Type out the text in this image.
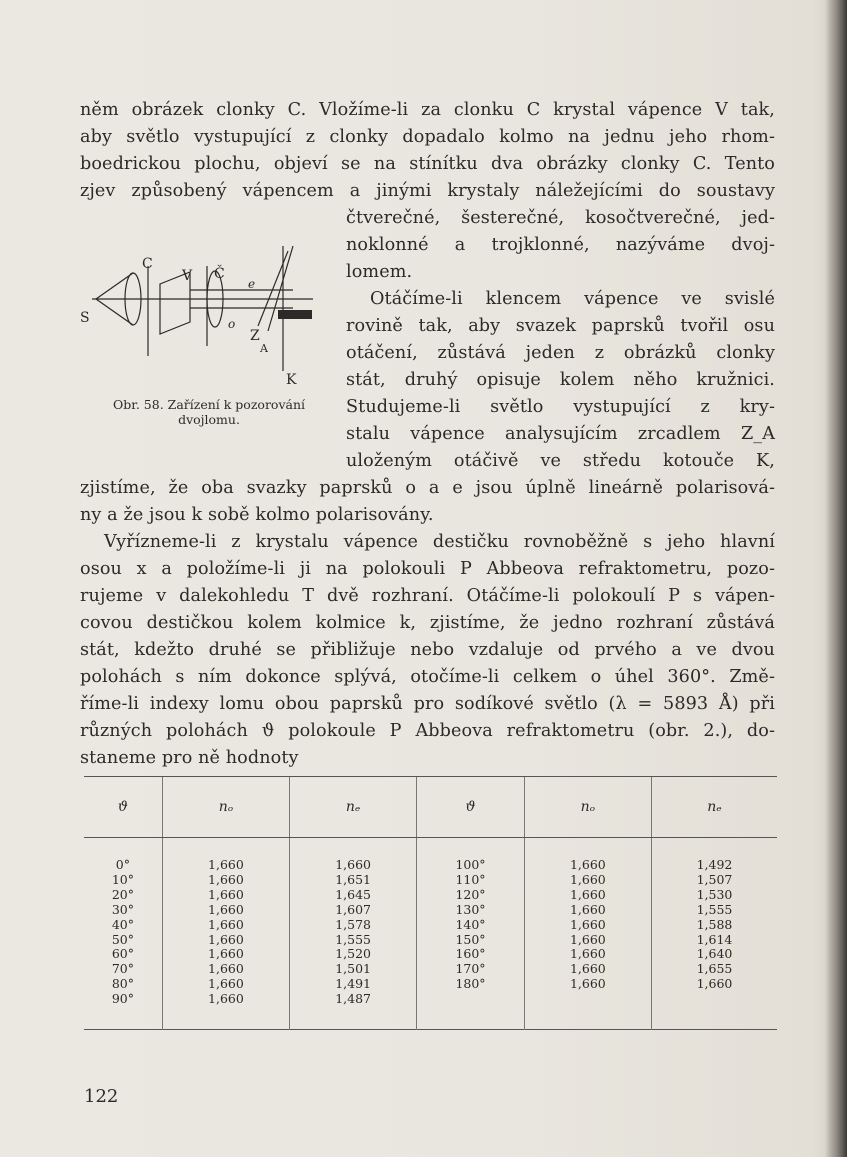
něm obrázek clonky C. Vložíme-li za clonku C krystal vápence V tak,
aby světlo vystupující z clonky dopadalo kolmo na jednu jeho rhom-
boedrickou plochu, objeví se na stínítku dva obrázky clonky C. Tento
zjev způsobený vápencem a jinými krystaly náležejícími do soustavy
čtverečné, šesterečné, kosočtverečné, jed-
noklonné a trojklonné, nazýváme dvoj-
lomem.
Otáčíme-li klencem vápence ve svislé
rovině tak, aby svazek paprsků tvořil osu
otáčení, zůstává jeden z obrázků clonky
stát, druhý opisuje kolem něho kružnici.
Studujeme-li světlo vystupující z kry-
stalu vápence analysujícím zrcadlem Z_A
uloženým otáčivě ve středu kotouče K,
S
C
V Č
e
o
Z
A
K
Obr. 58. Zařízení k pozorování
dvojlomu.
zjistíme, že oba svazky paprsků o a e jsou úplně lineárně polarisová-
ny a že jsou k sobě kolmo polarisovány.
Vyřízneme-li z krystalu vápence destičku rovnoběžně s jeho hlavní
osou x a položíme-li ji na polokouli P Abbeova refraktometru, pozo-
rujeme v dalekohledu T dvě rozhraní. Otáčíme-li polokoulí P s vápen-
covou destičkou kolem kolmice k, zjistíme, že jedno rozhraní zůstává
stát, kdežto druhé se přibližuje nebo vzdaluje od prvého a ve dvou
polohách s ním dokonce splývá, otočíme-li celkem o úhel 360°. Změ-
říme-li indexy lomu obou paprsků pro sodíkové světlo (λ = 5893 Å) při
různých polohách ϑ polokoule P Abbeova refraktometru (obr. 2.), do-
staneme pro ně hodnoty
ϑ	nₒ	nₑ	ϑ	nₒ	nₑ
0°	1,660	1,660	100°	1,660	1,492
10°	1,660	1,651	110°	1,660	1,507
20°	1,660	1,645	120°	1,660	1,530
30°	1,660	1,607	130°	1,660	1,555
40°	1,660	1,578	140°	1,660	1,588
50°	1,660	1,555	150°	1,660	1,614
60°	1,660	1,520	160°	1,660	1,640
70°	1,660	1,501	170°	1,660	1,655
80°	1,660	1,491	180°	1,660	1,660
90°	1,660	1,487			
122
